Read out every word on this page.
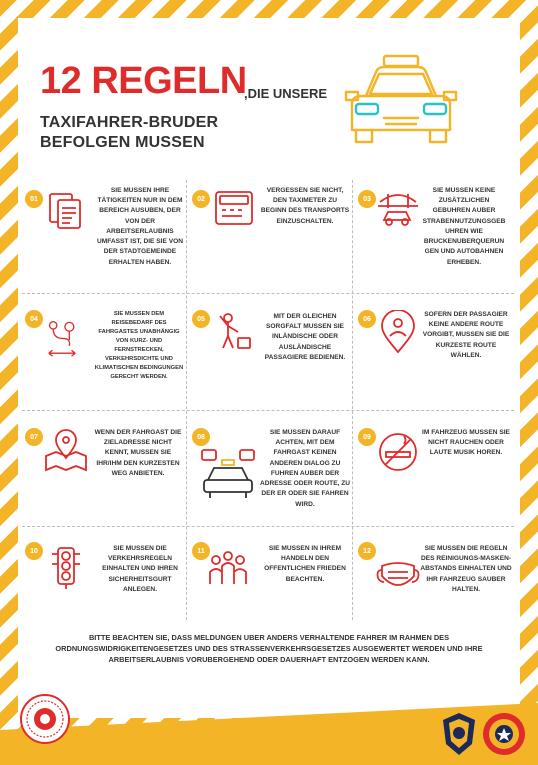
12 REGELN
,DIE UNSERE
TAXIFAHRER-BRUDER
BEFOLGEN MUSSEN
01
SIE MUSSEN IHRE TÄTIGKEITEN NUR IN DEM BEREICH AUSUBEN, DER VON DER ARBEITSERLAUBNIS UMFASST IST, DIE SIE VON DER STADTGEMEINDE ERHALTEN HABEN.
02
VERGESSEN SIE NICHT, DEN TAXIMETER ZU BEGINN DES TRANSPORTS EINZUSCHALTEN.
03
SIE MUSSEN KEINE ZUSÄTZLICHEN GEBUHREN AUBER STRABENNUTZUNGSGEB UHREN WIE BRUCKENUBERQUERUN GEN UND AUTOBAHNEN ERHEBEN.
04
SIE MUSSEN DEM REISEBEDARF DES FAHRGASTES UNABHÄNGIG VON KURZ- UND FERNSTRECKEN, VERKEHRSDICHTE UND KLIMATISCHEN BEDINGUNGEN GERECHT WERDEN.
05	MIT DER GLEICHEN SORGFALT MUSSEN SIE INLÄNDISCHE ODER AUSLÄNDISCHE PASSAGIERE BEDIENEN.
06
SOFERN DER PASSAGIER KEINE ANDERE ROUTE VORGIBT, MUSSEN SIE DIE KURZESTE ROUTE WÄHLEN.
07
WENN DER FAHRGAST DIE ZIELADRESSE NICHT KENNT, MUSSEN SIE IHR/IHM DEN KURZESTEN WEG ANBIETEN.
08
SIE MUSSEN DARAUF ACHTEN, MIT DEM FAHRGAST KEINEN ANDEREN DIALOG ZU FUHREN AUBER DER ADRESSE ODER ROUTE, ZU DER ER ODER SIE FAHREN WIRD.
09
IM FAHRZEUG MUSSEN SIE NICHT RAUCHEN ODER LAUTE MUSIK HOREN.
10	SIE MUSSEN DIE VERKEHRSREGELN EINHALTEN UND IHREN SICHERHEITSGURT ANLEGEN.
11	SIE MUSSEN IN IHREM HANDELN DEN OFFENTLICHEN FRIEDEN BEACHTEN.
12	SIE MUSSEN DIE REGELN DES REINIGUNGS-MASKEN-ABSTANDS EINHALTEN UND IHR FAHRZEUG SAUBER HALTEN.
BITTE BEACHTEN SIE, DASS MELDUNGEN UBER ANDERS VERHALTENDE FAHRER IM RAHMEN DES ORDNUNGSWIDRIGKEITENGESETZES UND DES STRASSENVERKEHRSGESETZES AUSGEWERTET WERDEN UND IHRE ARBEITSERLAUBNIS VORUBERGEHEND ODER DAUERHAFT ENTZOGEN WERDEN KANN.
